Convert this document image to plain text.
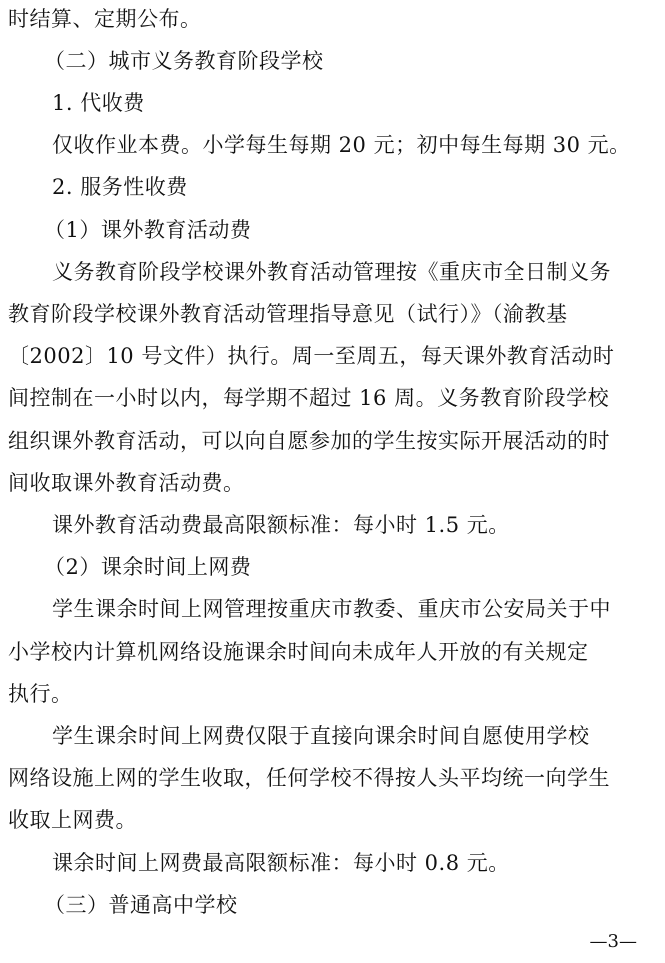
时结算、定期公布。
（二）城市义务教育阶段学校
1. 代收费
仅收作业本费。小学每生每期 20 元；初中每生每期 30 元。
2. 服务性收费
（1）课外教育活动费
义务教育阶段学校课外教育活动管理按《重庆市全日制义务
教育阶段学校课外教育活动管理指导意见（试行）》（渝教基
〔2002〕10 号文件）执行。周一至周五，每天课外教育活动时
间控制在一小时以内，每学期不超过 16 周。义务教育阶段学校
组织课外教育活动，可以向自愿参加的学生按实际开展活动的时
间收取课外教育活动费。
课外教育活动费最高限额标准：每小时 1.5 元。
（2）课余时间上网费
学生课余时间上网管理按重庆市教委、重庆市公安局关于中
小学校内计算机网络设施课余时间向未成年人开放的有关规定
执行。
学生课余时间上网费仅限于直接向课余时间自愿使用学校
网络设施上网的学生收取，任何学校不得按人头平均统一向学生
收取上网费。
课余时间上网费最高限额标准：每小时 0.8 元。
（三）普通高中学校
—3—
